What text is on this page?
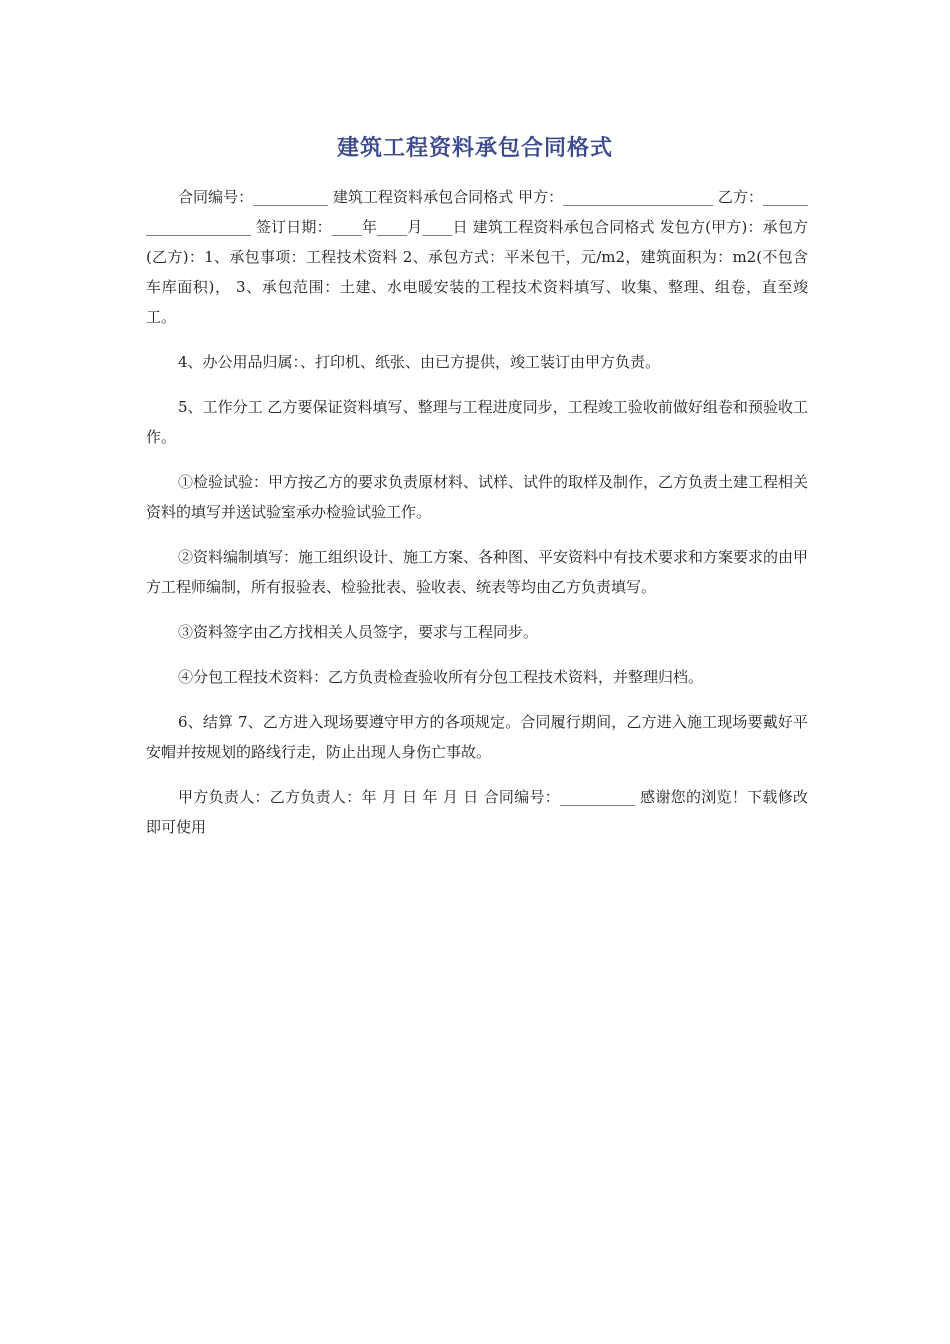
建筑工程资料承包合同格式

合同编号：__________ 建筑工程资料承包合同格式 甲方：____________________ 乙方：____________________ 签订日期：____年____月____日 建筑工程资料承包合同格式 发包方(甲方)：承包方(乙方)：1、承包事项：工程技术资料 2、承包方式：平米包干，元/m2，建筑面积为：m2(不包含车库面积)， 3、承包范围：土建、水电暖安装的工程技术资料填写、收集、整理、组卷，直至竣工。

4、办公用品归属：、打印机、纸张、由已方提供，竣工装订由甲方负责。

5、工作分工 乙方要保证资料填写、整理与工程进度同步，工程竣工验收前做好组卷和预验收工作。

①检验试验：甲方按乙方的要求负责原材料、试样、试件的取样及制作，乙方负责土建工程相关资料的填写并送试验室承办检验试验工作。

②资料编制填写：施工组织设计、施工方案、各种图、平安资料中有技术要求和方案要求的由甲方工程师编制，所有报验表、检验批表、验收表、统表等均由乙方负责填写。

③资料签字由乙方找相关人员签字，要求与工程同步。

④分包工程技术资料：乙方负责检查验收所有分包工程技术资料，并整理归档。

6、结算 7、乙方进入现场要遵守甲方的各项规定。合同履行期间，乙方进入施工现场要戴好平安帽并按规划的路线行走，防止出现人身伤亡事故。

甲方负责人：乙方负责人：年 月 日 年 月 日 合同编号：__________ 感谢您的浏览！下载修改即可使用
